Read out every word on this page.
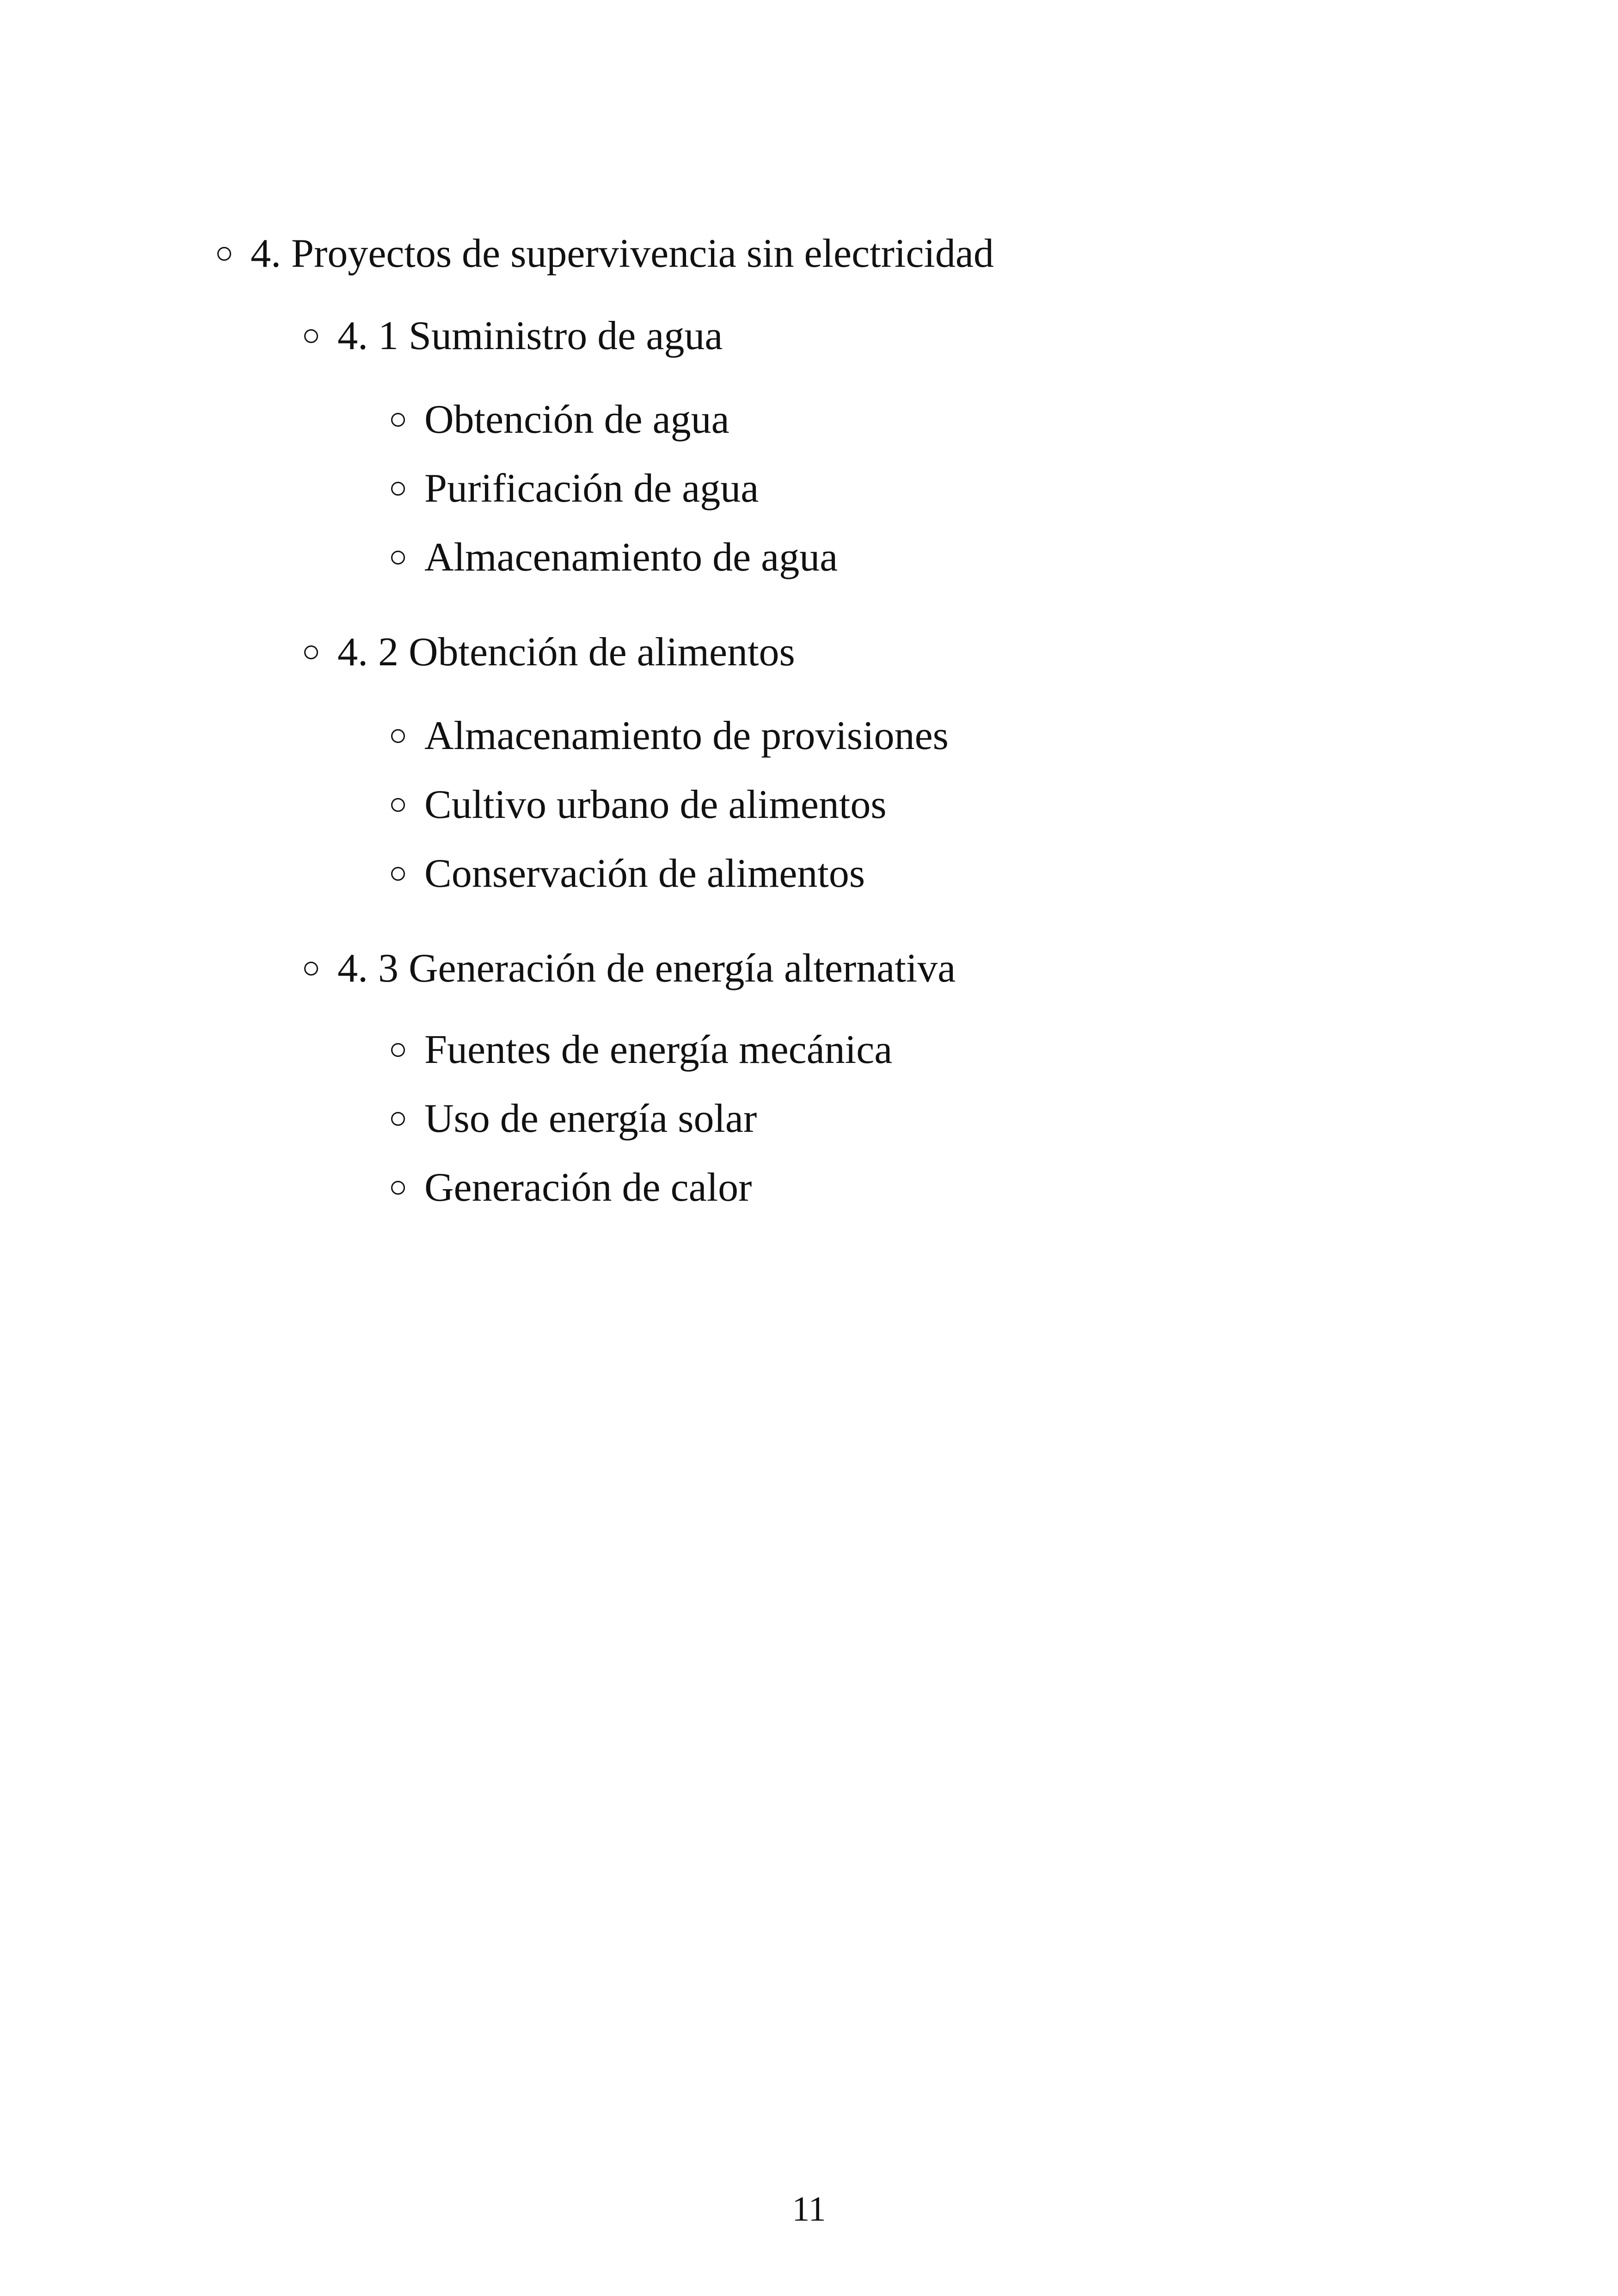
4. Proyectos de supervivencia sin electricidad
4. 1 Suministro de agua
Obtención de agua
Purificación de agua
Almacenamiento de agua
4. 2 Obtención de alimentos
Almacenamiento de provisiones
Cultivo urbano de alimentos
Conservación de alimentos
4. 3 Generación de energía alternativa
Fuentes de energía mecánica
Uso de energía solar
Generación de calor
11
